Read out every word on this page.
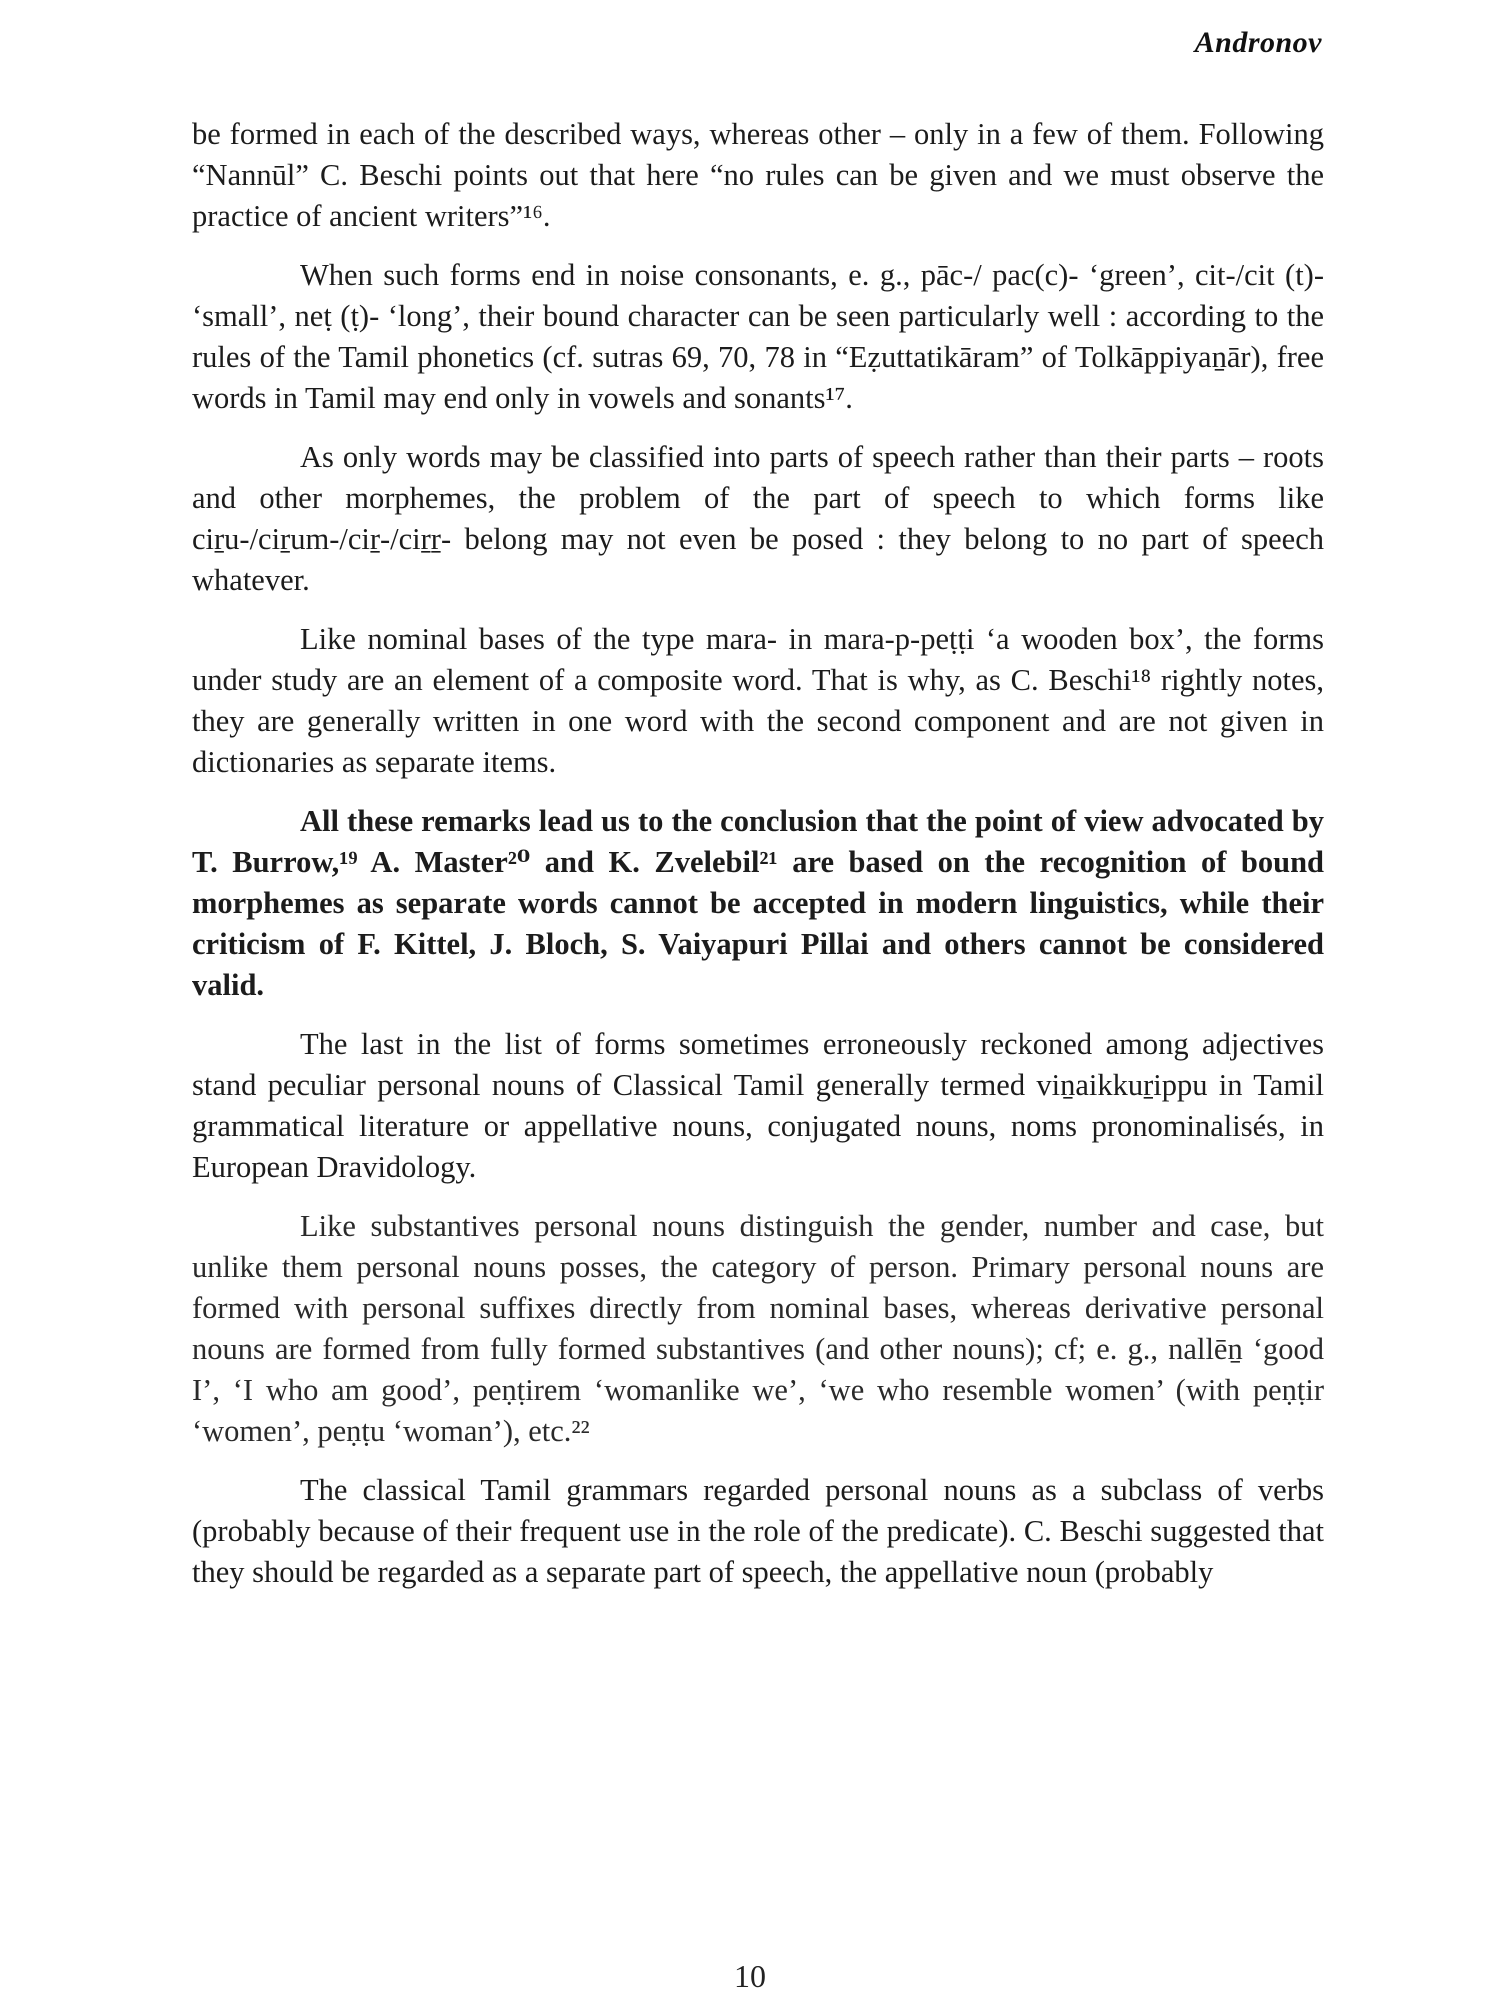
Andronov

be formed in each of the described ways, whereas other – only in a few of them. Following “Nannūl” C. Beschi points out that here “no rules can be given and we must observe the practice of ancient writers”¹⁶.

When such forms end in noise consonants, e. g., pāc-/ pac(c)- ‘green’, cit-/cit (t)- ‘small’, neṭ (ṭ)- ‘long’, their bound character can be seen particularly well : according to the rules of the Tamil phonetics (cf. sutras 69, 70, 78 in “Eẓuttatikāram” of Tolkāppiyaṉār), free words in Tamil may end only in vowels and sonants¹⁷.

As only words may be classified into parts of speech rather than their parts – roots and other morphemes, the problem of the part of speech to which forms like ciṟu-/ciṟum-/ciṟ-/ciṟṟ- belong may not even be posed : they belong to no part of speech whatever.

Like nominal bases of the type mara- in mara-p-peṭṭi ‘a wooden box’, the forms under study are an element of a composite word. That is why, as C. Beschi¹⁸ rightly notes, they are generally written in one word with the second component and are not given in dictionaries as separate items.

All these remarks lead us to the conclusion that the point of view advocated by T. Burrow,¹⁹ A. Master²⁰ and K. Zvelebil²¹ are based on the recognition of bound morphemes as separate words cannot be accepted in modern linguistics, while their criticism of F. Kittel, J. Bloch, S. Vaiyapuri Pillai and others cannot be considered valid.

The last in the list of forms sometimes erroneously reckoned among adjectives stand peculiar personal nouns of Classical Tamil generally termed viṉaikkuṟippu in Tamil grammatical literature or appellative nouns, conjugated nouns, noms pronominalisés, in European Dravidology.

Like substantives personal nouns distinguish the gender, number and case, but unlike them personal nouns posses, the category of person. Primary personal nouns are formed with personal suffixes directly from nominal bases, whereas derivative personal nouns are formed from fully formed substantives (and other nouns); cf; e. g., nallēṉ ‘good I’, ‘I who am good’, peṇṭirem ‘womanlike we’, ‘we who resemble women’ (with peṇṭir ‘women’, peṇṭu ‘woman’), etc.²²

The classical Tamil grammars regarded personal nouns as a subclass of verbs (probably because of their frequent use in the role of the predicate). C. Beschi suggested that they should be regarded as a separate part of speech, the appellative noun (probably

10
